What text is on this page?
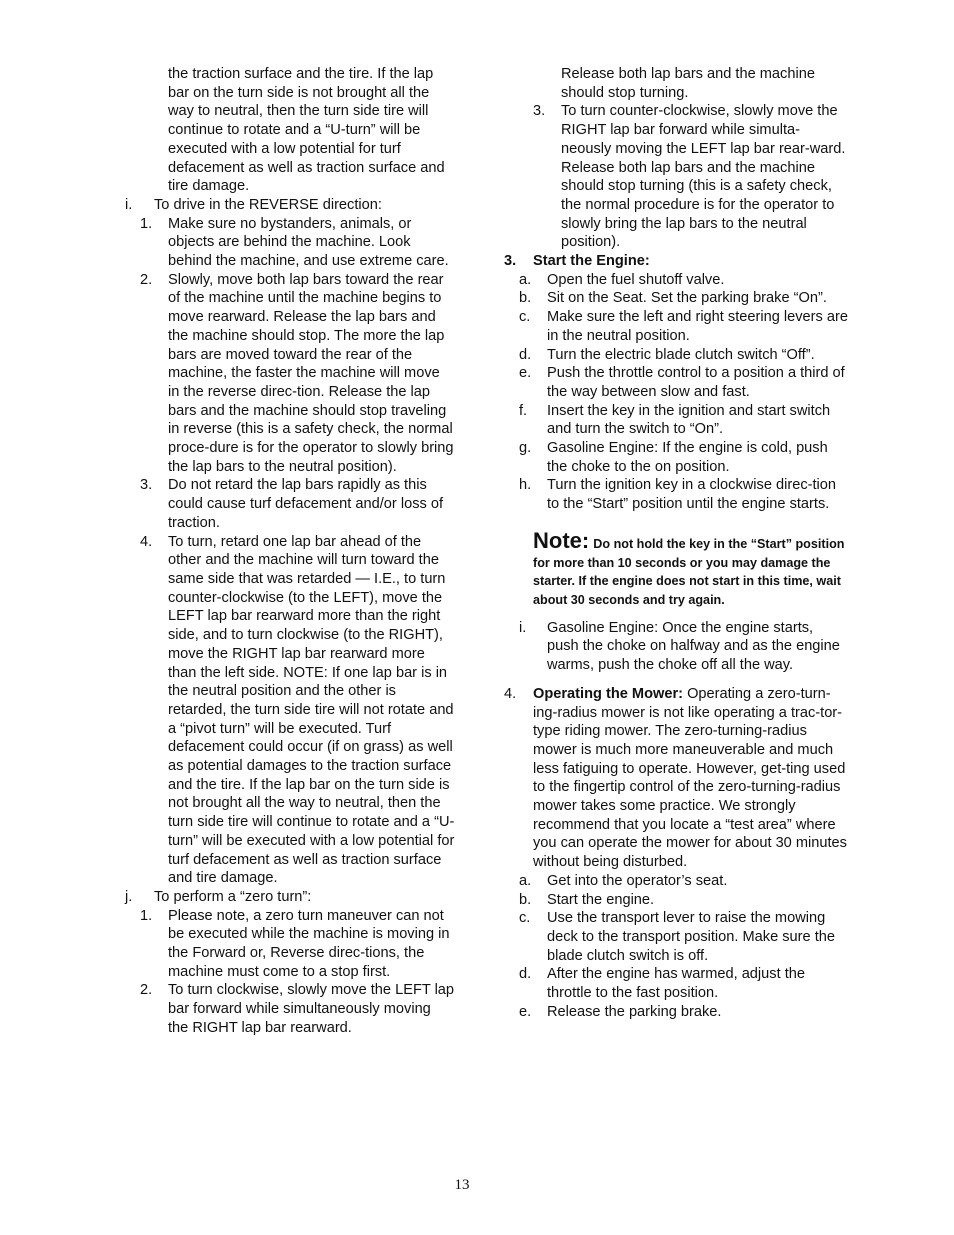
the traction surface and the tire. If the lap bar on the turn side is not brought all the way to neutral, then the turn side tire will continue to rotate and a “U-turn” will be executed with a low potential for turf defacement as well as traction surface and tire damage.

i.	To drive in the REVERSE direction:
1.	Make sure no bystanders, animals, or objects are behind the machine. Look behind the machine, and use extreme care.
2.	Slowly, move both lap bars toward the rear of the machine until the machine begins to move rearward. Release the lap bars and the machine should stop. The more the lap bars are moved toward the rear of the machine, the faster the machine will move in the reverse direc-tion. Release the lap bars and the machine should stop traveling in reverse (this is a safety check, the normal proce-dure is for the operator to slowly bring the lap bars to the neutral position).
3.	Do not retard the lap bars rapidly as this could cause turf defacement and/or loss of traction.
4.	To turn, retard one lap bar ahead of the other and the machine will turn toward the same side that was retarded — I.E., to turn counter-clockwise (to the LEFT), move the LEFT lap bar rearward more than the right side, and to turn clockwise (to the RIGHT), move the RIGHT lap bar rearward more than the left side. NOTE: If one lap bar is in the neutral position and the other is retarded, the turn side tire will not rotate and a “pivot turn” will be executed. Turf defacement could occur (if on grass) as well as potential damages to the traction surface and the tire. If the lap bar on the turn side is not brought all the way to neutral, then the turn side tire will continue to rotate and a “U-turn” will be executed with a low potential for turf defacement as well as traction surface and tire damage.
j.	To perform a “zero turn”:
1.	Please note, a zero turn maneuver can not be executed while the machine is moving in the Forward or, Reverse direc-tions, the machine must come to a stop first.
2.	To turn clockwise, slowly move the LEFT lap bar forward while simultaneously moving the RIGHT lap bar rearward.

Release both lap bars and the machine should stop turning.

3.	To turn counter-clockwise, slowly move the RIGHT lap bar forward while simulta-neously moving the LEFT lap bar rear-ward. Release both lap bars and the machine should stop turning (this is a safety check, the normal procedure is for the operator to slowly bring the lap bars to the neutral position).
3.	Start the Engine:
a.	Open the fuel shutoff valve.
b.	Sit on the Seat. Set the parking brake “On”.
c.	Make sure the left and right steering levers are in the neutral position.
d.	Turn the electric blade clutch switch “Off”.
e.	Push the throttle control to a position a third of the way between slow and fast.
f.	Insert the key in the ignition and start switch and turn the switch to “On”.
g.	Gasoline Engine: If the engine is cold, push the choke to the on position.
h.	Turn the ignition key in a clockwise direc-tion to the “Start” position until the engine starts.
Note: Do not hold the key in the “Start” position for more than 10 seconds or you may damage the starter. If the engine does not start in this time, wait about 30 seconds and try again.
i.	Gasoline Engine: Once the engine starts, push the choke on halfway and as the engine warms, push the choke off all the way.
4.	Operating the Mower: Operating a zero-turn-ing-radius mower is not like operating a trac-tor-type riding mower. The zero-turning-radius mower is much more maneuverable and much less fatiguing to operate. However, get-ting used to the fingertip control of the zero-turning-radius mower takes some practice. We strongly recommend that you locate a “test area” where you can operate the mower for about 30 minutes without being disturbed.
a.	Get into the operator’s seat.
b.	Start the engine.
c.	Use the transport lever to raise the mowing deck to the transport position. Make sure the blade clutch switch is off.
d.	After the engine has warmed, adjust the throttle to the fast position.
e.	Release the parking brake.
13
